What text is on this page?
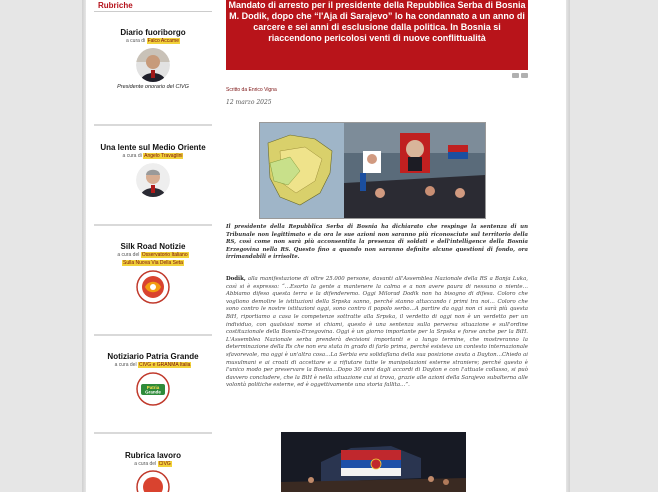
Rubriche
Diario fuoriborgo
a cura di Falco Accame
Presidente onorario del CIVG
Una lente sul Medio Oriente
a cura di Angelo Travaglini
Silk Road Notizie
a cura del Osservatorio Italiano
Sulla Nuova Via Della Seta
Notiziario Patria Grande
a cura del CIVG e GRANMA Italia
Patria
Grande
Rubrica lavoro
a cura del CIVG
Mandato di arresto per il presidente della Repubblica Serba di Bosnia M. Dodik, dopo che “l'Aja di Sarajevo” lo ha condannato a un anno di carcere e sei anni di esclusione dalla politica. In Bosnia si riaccendono pericolosi venti di nuove conflittualità
Scritto da Enrico Vigna
12 marzo 2025
Il presidente della Repubblica Serba di Bosnia ha dichiarato che respinge la sentenza di un Tribunale non legittimato e da ora le sue azioni non saranno più riconosciute sul territorio della RS, così come non sarà più acconsentita la presenza di soldati e dell'intelligence della Bosnia Erzegovina nella RS. Questo fino a quando non saranno definite alcune questioni di fondo, ora irrimandabili e irrisolte.
Dodik, alla manifestazione di oltre 25.000 persone, davanti all'Assemblea Nazionale della RS a Banja Luka, così si è espresso: “…Esorto la gente a mantenere la calma e a non avere paura di nessuno o niente… Abbiamo difeso questa terra e la difenderemo. Oggi Milorad Dodik non ha bisogno di difesa. Coloro che vogliono demolire le istituzioni della Srpska sanno, perché stanno attaccando i primi tra noi… Coloro che sono contro le nostre istituzioni oggi, sono contro il popolo serbo…A partire da oggi non ci sarà più questa BiH, riportiamo a casa le competenze sottratte alla Srpska, il verdetto di oggi non è un verdetto per un individuo, con qualsiasi nome si chiami, questo è una sentenza sulla perversa situazione e sull'ordine costituzionale della Bosnia-Erzegovina. Oggi è un giorno importante per la Srpska e forse anche per la BiH. L'Assemblea Nazionale serba prenderà decisioni importanti e a lungo termine, che mostreranno la determinazione della Rs che non era stata in grado di farlo prima, perché esisteva un contesto internazionale sfavorevole, ma oggi è un'altra cosa…La Serbia era solidaflana della sua posizione avuta a Dayton…Chiedo ai musulmani e ai croati di accettare e a rifiutare tutte le manipolazioni esterne straniere; perché questo è l'unico modo per preservare la Bosnia…Dopo 30 anni dagli accordi di Dayton e con l'attuale collasso, si può davvero concludere, che la BiH è nella situazione cui si trova, grazie alle azioni della Sarajevo subalterna alle volontà politiche esterne, ed è oggettivamente una storia fallita…”.
